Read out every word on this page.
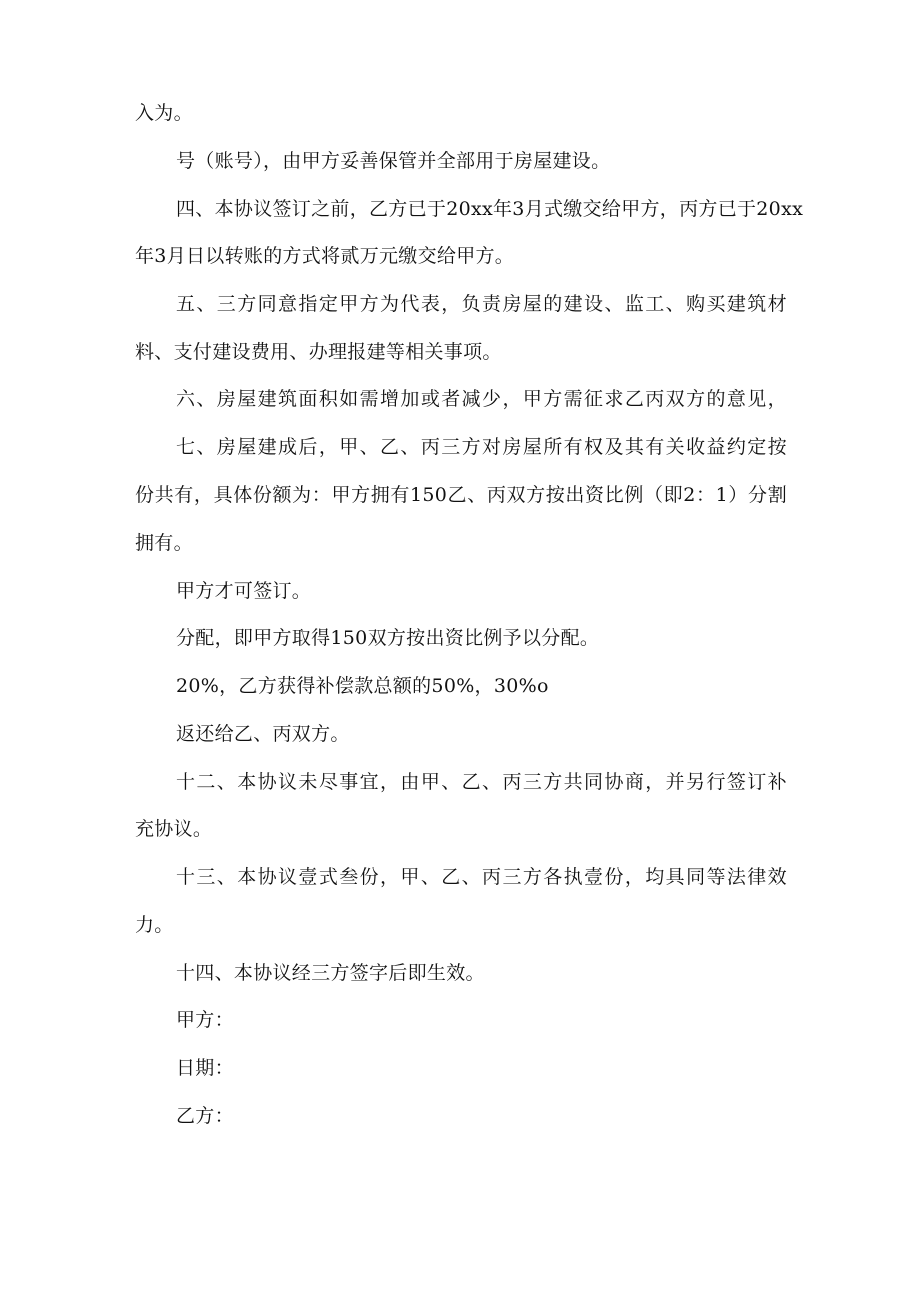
入为。
号（账号），由甲方妥善保管并全部用于房屋建设。
四、本协议签订之前，乙方已于20xx年3月式缴交给甲方，丙方已于20xx
年3月日以转账的方式将贰万元缴交给甲方。
五、三方同意指定甲方为代表，负责房屋的建设、监工、购买建筑材
料、支付建设费用、办理报建等相关事项。
六、房屋建筑面积如需增加或者减少，甲方需征求乙丙双方的意见，
七、房屋建成后，甲、乙、丙三方对房屋所有权及其有关收益约定按
份共有，具体份额为：甲方拥有150乙、丙双方按出资比例（即2：1）分割
拥有。
甲方才可签订。
分配，即甲方取得150双方按出资比例予以分配。
20%，乙方获得补偿款总额的50%，30%o
返还给乙、丙双方。
十二、本协议未尽事宜，由甲、乙、丙三方共同协商，并另行签订补
充协议。
十三、本协议壹式叁份，甲、乙、丙三方各执壹份，均具同等法律效
力。
十四、本协议经三方签字后即生效。
甲方：
日期：
乙方：
